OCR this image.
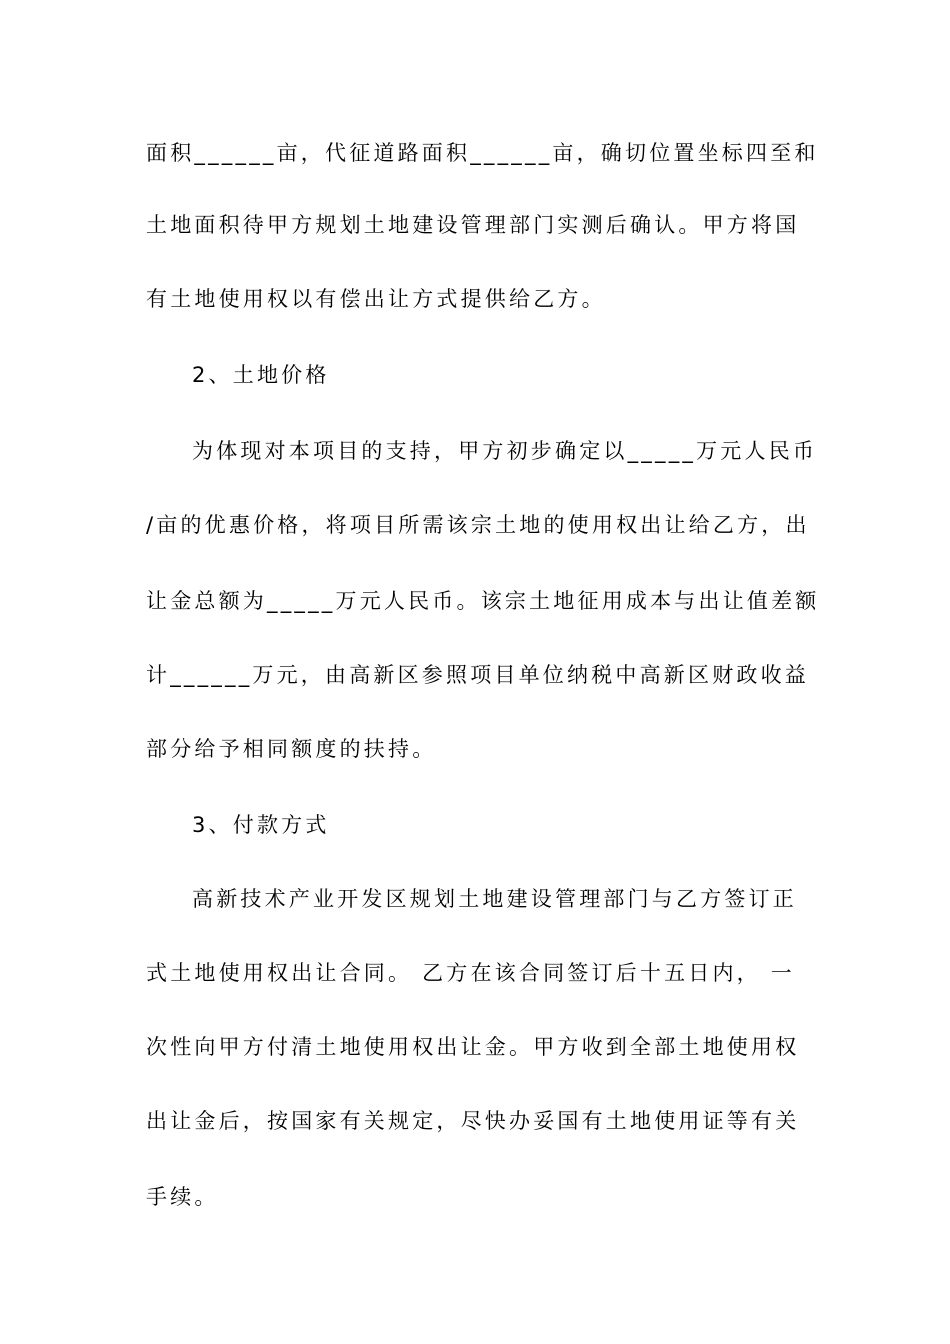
面积______亩，代征道路面积______亩，确切位置坐标四至和
土地面积待甲方规划土地建设管理部门实测后确认。甲方将国
有土地使用权以有偿出让方式提供给乙方。
2、土地价格
为体现对本项目的支持，甲方初步确定以_____万元人民币
/亩的优惠价格，将项目所需该宗土地的使用权出让给乙方，出
让金总额为_____万元人民币。该宗土地征用成本与出让值差额
计______万元，由高新区参照项目单位纳税中高新区财政收益
部分给予相同额度的扶持。
3、付款方式
高新技术产业开发区规划土地建设管理部门与乙方签订正
式土地使用权出让合同。 乙方在该合同签订后十五日内， 一
次性向甲方付清土地使用权出让金。甲方收到全部土地使用权
出让金后，按国家有关规定，尽快办妥国有土地使用证等有关
手续。
